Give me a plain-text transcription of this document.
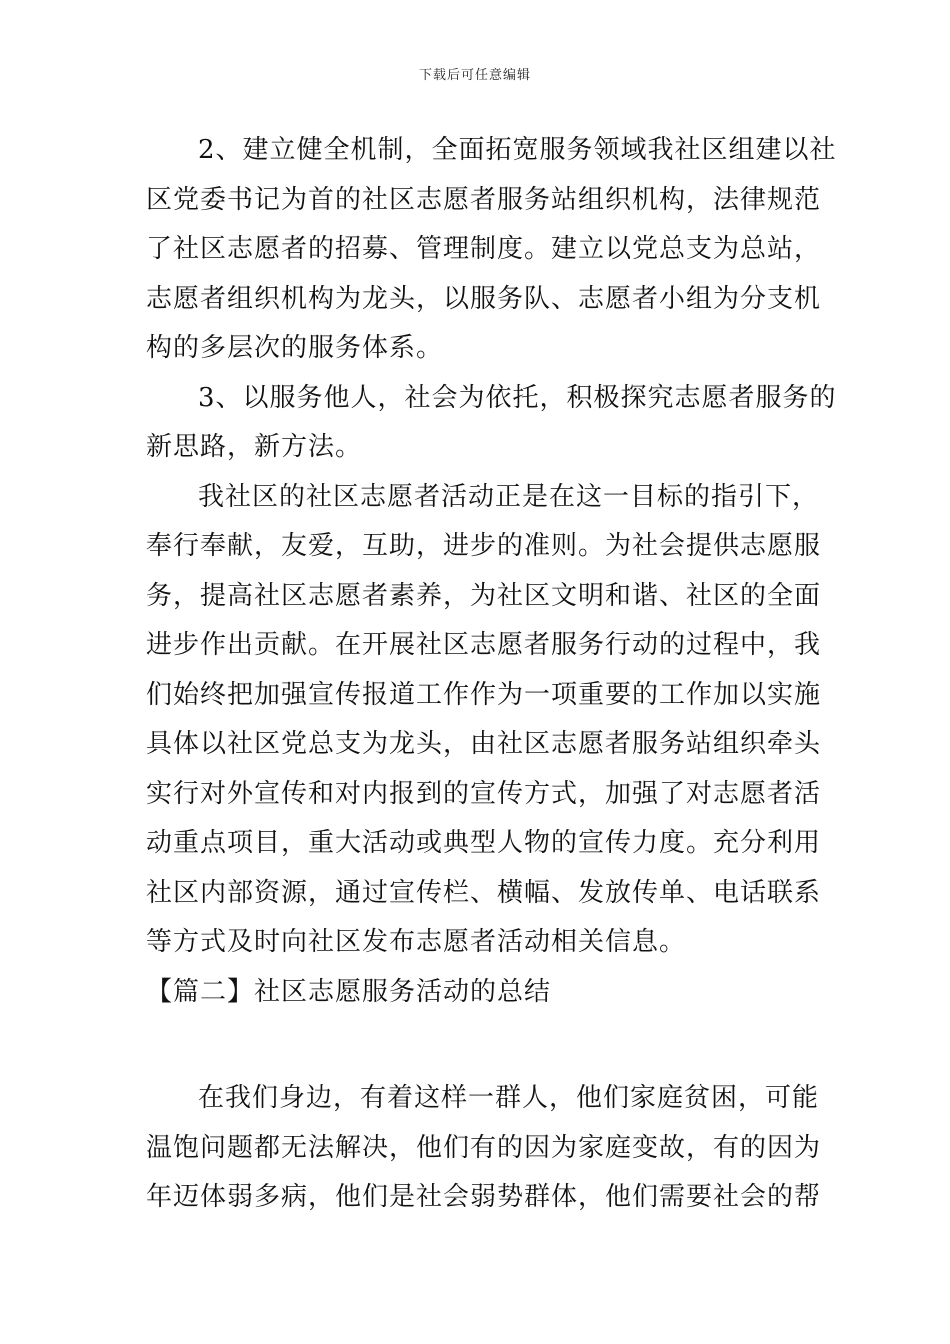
下载后可任意编辑
2、建立健全机制，全面拓宽服务领域我社区组建以社
区党委书记为首的社区志愿者服务站组织机构，法律规范
了社区志愿者的招募、管理制度。建立以党总支为总站，
志愿者组织机构为龙头，以服务队、志愿者小组为分支机
构的多层次的服务体系。
3、以服务他人，社会为依托，积极探究志愿者服务的
新思路，新方法。
我社区的社区志愿者活动正是在这一目标的指引下，
奉行奉献，友爱，互助，进步的准则。为社会提供志愿服
务，提高社区志愿者素养，为社区文明和谐、社区的全面
进步作出贡献。在开展社区志愿者服务行动的过程中，我
们始终把加强宣传报道工作作为一项重要的工作加以实施
具体以社区党总支为龙头，由社区志愿者服务站组织牵头
实行对外宣传和对内报到的宣传方式，加强了对志愿者活
动重点项目，重大活动或典型人物的宣传力度。充分利用
社区内部资源，通过宣传栏、横幅、发放传单、电话联系
等方式及时向社区发布志愿者活动相关信息。
【篇二】社区志愿服务活动的总结
在我们身边，有着这样一群人，他们家庭贫困，可能
温饱问题都无法解决，他们有的因为家庭变故，有的因为
年迈体弱多病，他们是社会弱势群体，他们需要社会的帮
